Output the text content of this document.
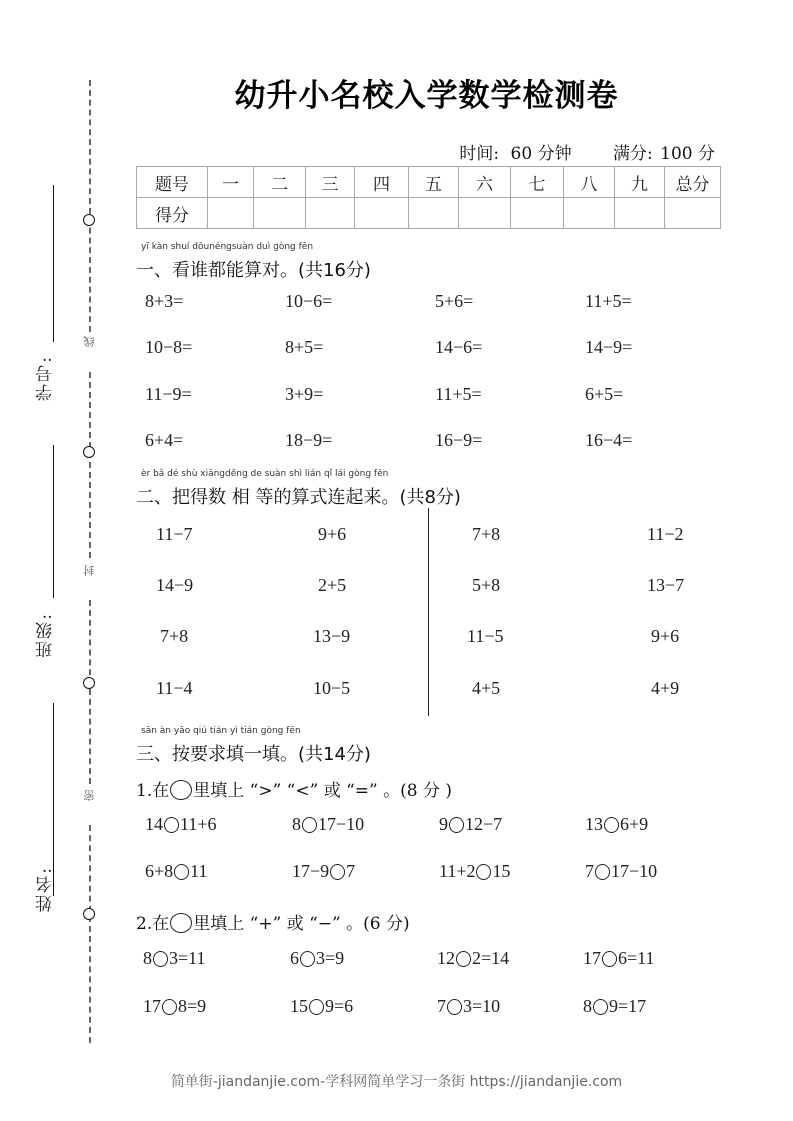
学号:
班级:
姓名:
线
封
密
幼升小名校入学数学检测卷
时间: 60 分钟 满分: 100 分
题号	一	二	三	四	五	六	七	八	九	总分
得分										
yī kàn shuí dōunéngsuàn duì gòng fēn
一、看谁都能算对。(共16分)
8+3=	10−6=	5+6=	11+5=
10−8=	8+5=	14−6=	14−9=
11−9=	3+9=	11+5=	6+5=
6+4=	18−9=	16−9=	16−4=
èr bǎ dé shù xiāngděng de suàn shì lián qǐ lái gòng fēn
二、把得数 相 等的算式连起来。(共8分)
11−7	9+6	7+8	11−2
14−9	2+5	5+8	13−7
7+8	13−9	11−5	9+6
11−4	10−5	4+5	4+9
sān àn yāo qiú tián yì tián gòng fēn
三、按要求填一填。(共14分)
1.在 里填上 “>” “<” 或 “=” 。(8 分 )
14 11+6	8 17−10	9 12−7	13 6+9
6+8 11	17−9 7	11+2 15	7 17−10
2.在 里填上 “+” 或 “−” 。(6 分)
8 3=11	6 3=9	12 2=14	17 6=11
17 8=9	15 9=6	7 3=10	8 9=17
简单街-jiandanjie.com-学科网简单学习一条街 https://jiandanjie.com
